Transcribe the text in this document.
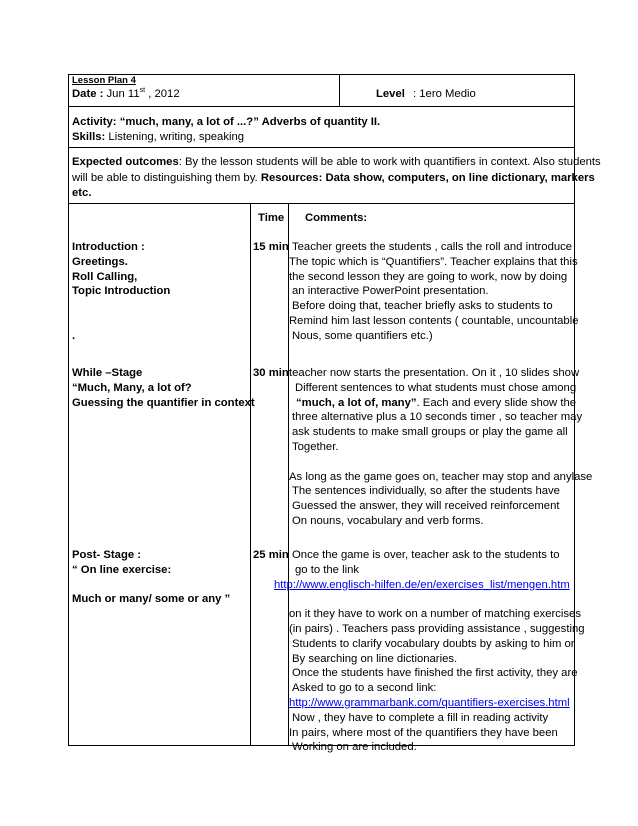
Lesson Plan 4
Date : Jun 11st , 2012	Level : 1ero Medio
Activity: “much, many, a lot of ...?” Adverbs of quantity II.
Skills: Listening, writing, speaking
Expected outcomes: By the lesson students will be able to work with quantifiers in context. Also students
will be able to distinguishing them by. Resources: Data show, computers, on line dictionary, markers
etc.
Time Comments:
Introduction :
Greetings.
Roll Calling,
Topic Introduction
.
15 min Teacher greets the students , calls the roll and introduce
The topic which is “Quantifiers”. Teacher explains that this
the second lesson they are going to work, now by doing
an interactive PowerPoint presentation.
Before doing that, teacher briefly asks to students to
Remind him last lesson contents ( countable, uncountable
Nous, some quantifiers etc.)
While –Stage
“Much, Many, a lot of?
Guessing the quantifier in context
30 min teacher now starts the presentation. On it , 10 slides show
Different sentences to what students must chose among
“much, a lot of, many”. Each and every slide show the
three alternative plus a 10 seconds timer , so teacher may
ask students to make small groups or play the game all
Together.
As long as the game goes on, teacher may stop and anylase
The sentences individually, so after the students have
Guessed the answer, they will received reinforcement
On nouns, vocabulary and verb forms.
Post- Stage :
“ On line exercise:
Much or many/ some or any ”
25 min Once the game is over, teacher ask to the students to
go to the link
http://www.englisch-hilfen.de/en/exercises_list/mengen.htm
on it they have to work on a number of matching exercises
(in pairs) . Teachers pass providing assistance , suggesting
Students to clarify vocabulary doubts by asking to him or
By searching on line dictionaries.
Once the students have finished the first activity, they are
Asked to go to a second link:
http://www.grammarbank.com/quantifiers-exercises.html
Now , they have to complete a fill in reading activity
In pairs, where most of the quantifiers they have been
Working on are included.
